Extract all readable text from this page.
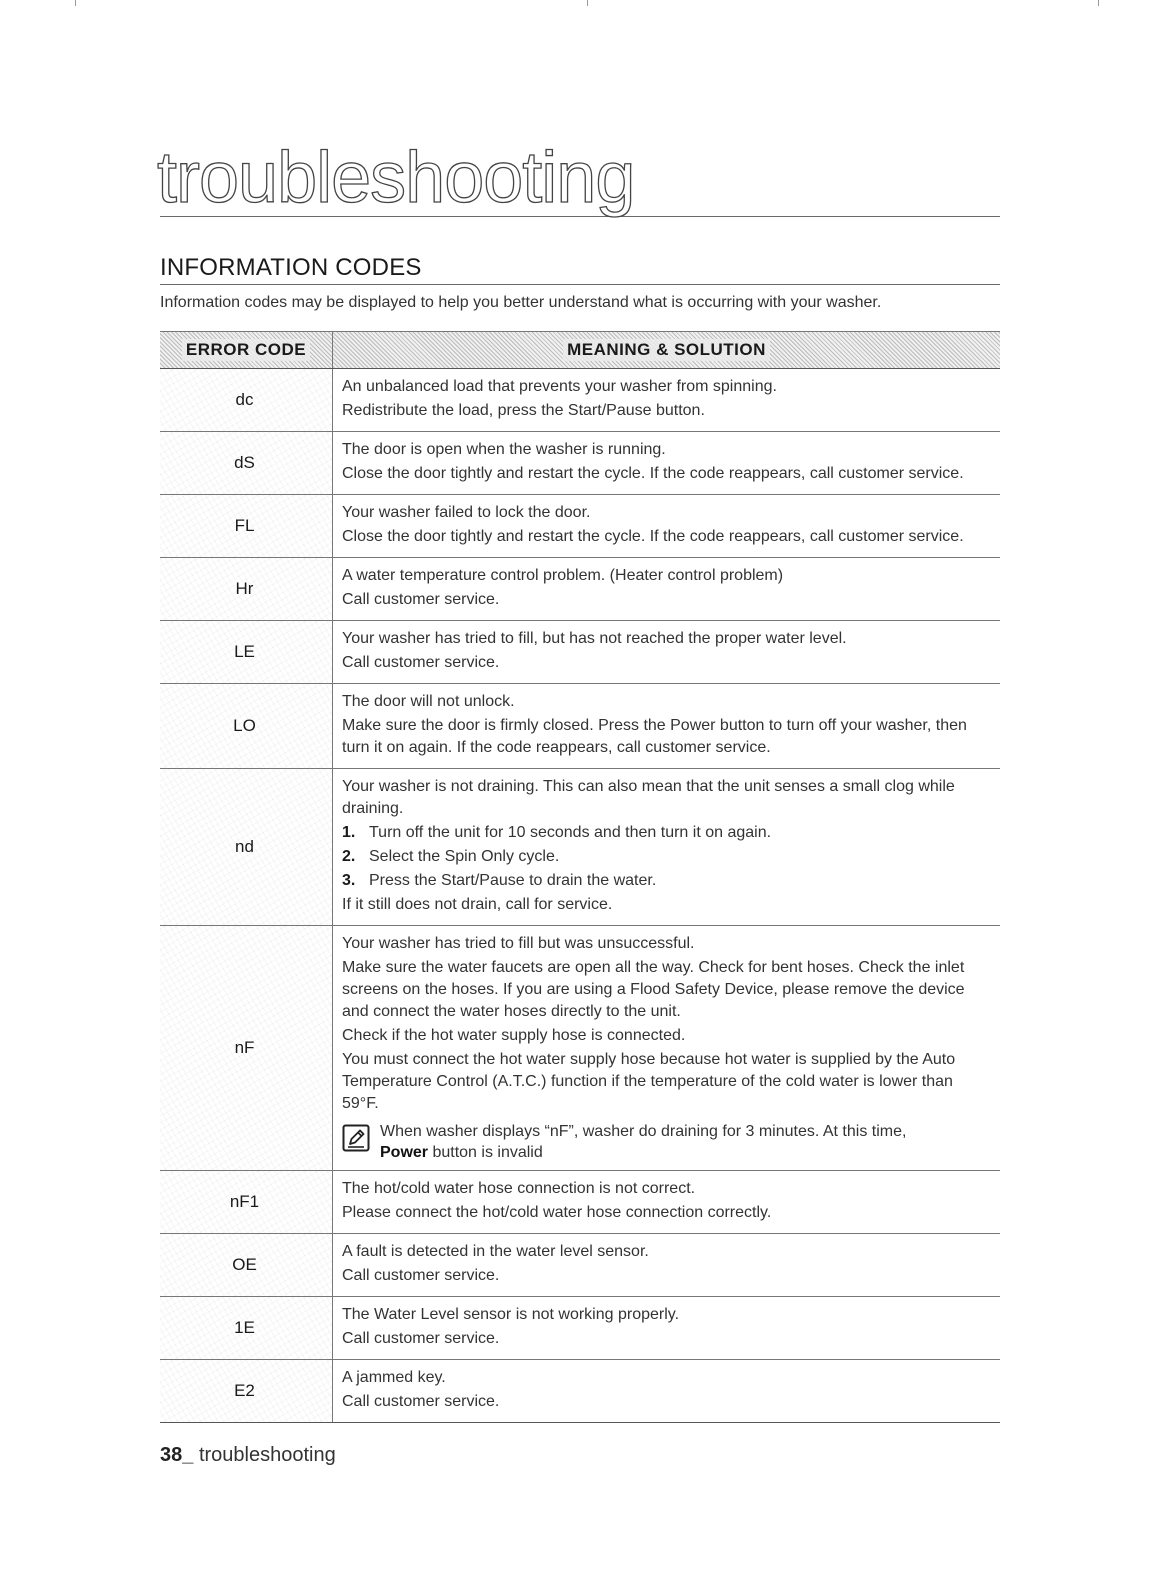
troubleshooting
INFORMATION CODES
Information codes may be displayed to help you better understand what is occurring with your washer.
ERROR CODE	MEANING & SOLUTION
dc

An unbalanced load that prevents your washer from spinning.

Redistribute the load, press the Start/Pause button.

dS

The door is open when the washer is running.

Close the door tightly and restart the cycle. If the code reappears, call customer service.

FL

Your washer failed to lock the door.

Close the door tightly and restart the cycle. If the code reappears, call customer service.

Hr

A water temperature control problem. (Heater control problem)

Call customer service.

LE

Your washer has tried to fill, but has not reached the proper water level.

Call customer service.

LO

The door will not unlock.

Make sure the door is firmly closed. Press the Power button to turn off your washer, then turn it on again. If the code reappears, call customer service.

nd

Your washer is not draining. This can also mean that the unit senses a small clog while draining.

1. Turn off the unit for 10 seconds and then turn it on again.
2. Select the Spin Only cycle.
3. Press the Start/Pause to drain the water.

If it still does not drain, call for service.

nF

Your washer has tried to fill but was unsuccessful.

Make sure the water faucets are open all the way. Check for bent hoses. Check the inlet screens on the hoses. If you are using a Flood Safety Device, please remove the device and connect the water hoses directly to the unit.

Check if the hot water supply hose is connected.

You must connect the hot water supply hose because hot water is supplied by the Auto Temperature Control (A.T.C.) function if the temperature of the cold water is lower than 59°F.

When washer displays “nF”, washer do draining for 3 minutes. At this time,
Power button is invalid
nF1

The hot/cold water hose connection is not correct.

Please connect the hot/cold water hose connection correctly.

OE

A fault is detected in the water level sensor.

Call customer service.

1E

The Water Level sensor is not working properly.

Call customer service.

E2

A jammed key.

Call customer service.

38_ troubleshooting
